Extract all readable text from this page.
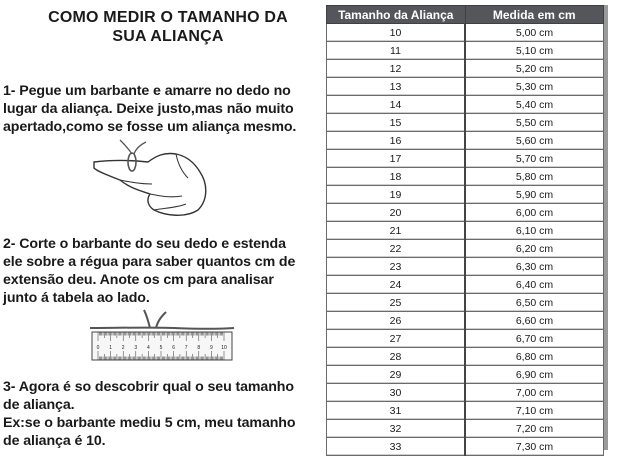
COMO MEDIR O TAMANHO DA
SUA ALIANÇA
1- Pegue um barbante e amarre no dedo no
lugar da aliança. Deixe justo,mas não muito
apertado,como se fosse um aliança mesmo.
2- Corte o barbante do seu dedo e estenda
ele sobre a régua para saber quantos cm de
extensão deu. Anote os cm para analisar
junto á tabela ao lado.
0 1 2 3 4 5 6 7 8 9 10
3- Agora é so descobrir qual o seu tamanho
de aliança.
Ex:se o barbante mediu 5 cm, meu tamanho
de aliança é 10.
Tamanho da Aliança	Medida em cm
10	5,00 cm
11	5,10 cm
12	5,20 cm
13	5,30 cm
14	5,40 cm
15	5,50 cm
16	5,60 cm
17	5,70 cm
18	5,80 cm
19	5,90 cm
20	6,00 cm
21	6,10 cm
22	6,20 cm
23	6,30 cm
24	6,40 cm
25	6,50 cm
26	6,60 cm
27	6,70 cm
28	6,80 cm
29	6,90 cm
30	7,00 cm
31	7,10 cm
32	7,20 cm
33	7,30 cm
